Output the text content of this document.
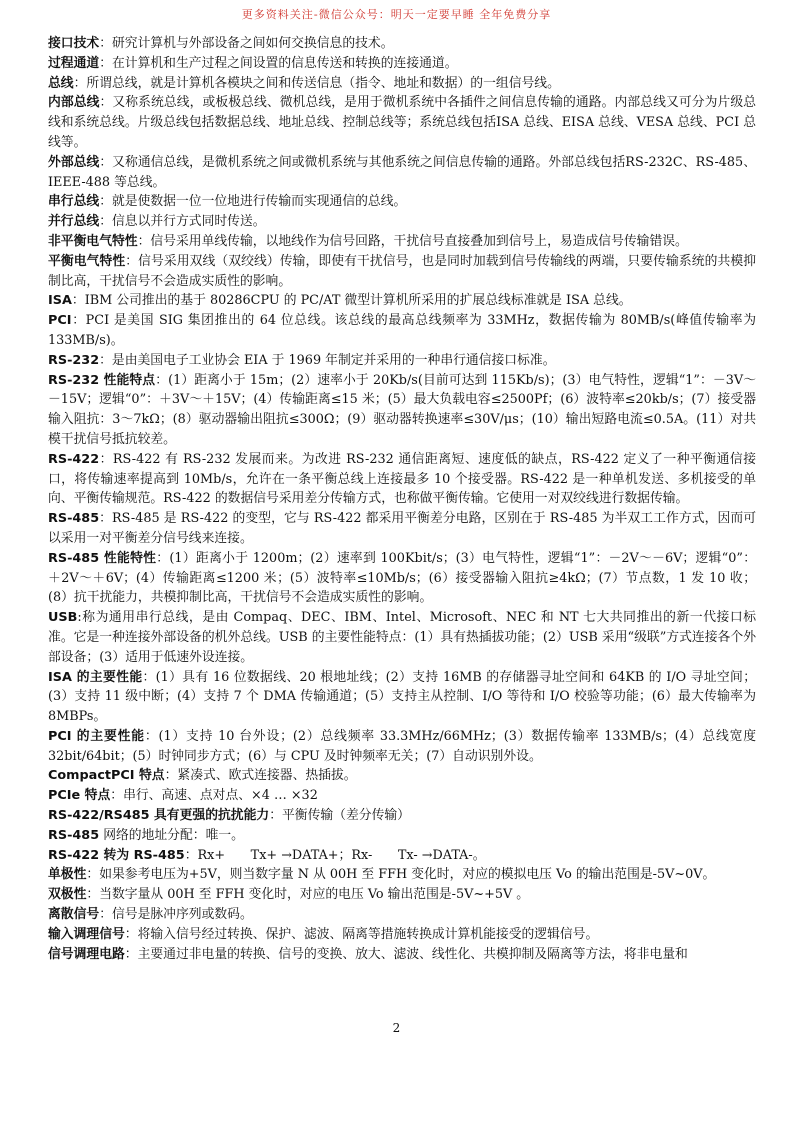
更多资料关注-微信公众号：明天一定要早睡 全年免费分享

接口技术：研究计算机与外部设备之间如何交换信息的技术。

过程通道：在计算机和生产过程之间设置的信息传送和转换的连接通道。

总线：所谓总线，就是计算机各模块之间和传送信息（指令、地址和数据）的一组信号线。

内部总线：又称系统总线，或板极总线、微机总线，是用于微机系统中各插件之间信息传输的通路。内部总线又可分为片级总线和系统总线。片级总线包括数据总线、地址总线、控制总线等；系统总线包括ISA 总线、EISA 总线、VESA 总线、PCI 总线等。

外部总线：又称通信总线，是微机系统之间或微机系统与其他系统之间信息传输的通路。外部总线包括RS-232C、RS-485、IEEE-488 等总线。

串行总线：就是使数据一位一位地进行传输而实现通信的总线。

并行总线：信息以并行方式同时传送。

非平衡电气特性：信号采用单线传输，以地线作为信号回路，干扰信号直接叠加到信号上，易造成信号传输错误。

平衡电气特性：信号采用双线（双绞线）传输，即使有干扰信号，也是同时加载到信号传输线的两端，只要传输系统的共模抑制比高，干扰信号不会造成实质性的影响。

ISA：IBM 公司推出的基于 80286CPU 的 PC/AT 微型计算机所采用的扩展总线标准就是 ISA 总线。

PCI：PCI 是美国 SIG 集团推出的 64 位总线。该总线的最高总线频率为 33MHz，数据传输为 80MB/s(峰值传输率为 133MB/s)。

RS-232：是由美国电子工业协会 EIA 于 1969 年制定并采用的一种串行通信接口标准。

RS-232 性能特点：(1）距离小于 15m；(2）速率小于 20Kb/s(目前可达到 115Kb/s)；(3）电气特性，逻辑“1”：－3V～－15V；逻辑“0”：＋3V～＋15V；(4）传输距离≤15 米；(5）最大负载电容≤2500Pf；(6）波特率≤20kb/s；(7）接受器输入阻抗：3～7kΩ；(8）驱动器输出阻抗≤300Ω；(9）驱动器转换速率≤30V/μs；(10）输出短路电流≤0.5A。(11）对共模干扰信号抵抗较差。

RS-422：RS-422 有 RS-232 发展而来。为改进 RS-232 通信距离短、速度低的缺点，RS-422 定义了一种平衡通信接口，将传输速率提高到 10Mb/s，允许在一条平衡总线上连接最多 10 个接受器。RS-422 是一种单机发送、多机接受的单向、平衡传输规范。RS-422 的数据信号采用差分传输方式，也称做平衡传输。它使用一对双绞线进行数据传输。

RS-485：RS-485 是 RS-422 的变型，它与 RS-422 都采用平衡差分电路，区别在于 RS-485 为半双工工作方式，因而可以采用一对平衡差分信号线来连接。

RS-485 性能特性：(1）距离小于 1200m；(2）速率到 100Kbit/s；(3）电气特性，逻辑“1”：－2V～－6V；逻辑“0”：＋2V～＋6V；(4）传输距离≤1200 米；(5）波特率≤10Mb/s；(6）接受器输入阻抗≥4kΩ；(7）节点数，1 发 10 收；(8）抗干扰能力，共模抑制比高，干扰信号不会造成实质性的影响。

USB:称为通用串行总线，是由 Compaq、DEC、IBM、Intel、Microsoft、NEC 和 NT 七大共同推出的新一代接口标准。它是一种连接外部设备的机外总线。USB 的主要性能特点：(1）具有热插拔功能；(2）USB 采用“级联”方式连接各个外部设备；(3）适用于低速外设连接。

ISA 的主要性能：(1）具有 16 位数据线、20 根地址线；(2）支持 16MB 的存储器寻址空间和 64KB 的 I/O 寻址空间；(3）支持 11 级中断；(4）支持 7 个 DMA 传输通道；(5）支持主从控制、I/O 等待和 I/O 校验等功能；(6）最大传输率为 8MBPs。

PCI 的主要性能：(1）支持 10 台外设；(2）总线频率 33.3MHz/66MHz；(3）数据传输率 133MB/s；(4）总线宽度 32bit/64bit；(5）时钟同步方式；(6）与 CPU 及时钟频率无关；(7）自动识别外设。

CompactPCI 特点：紧凑式、欧式连接器、热插拔。

PCIe 特点：串行、高速、点对点、×4 … ×32

RS-422/RS485 具有更强的抗扰能力：平衡传输（差分传输）

RS-485 网络的地址分配：唯一。

RS-422 转为 RS-485：Rx+　　Tx+ →DATA+；Rx-　　Tx- →DATA-。

单极性：如果参考电压为+5V，则当数字量 N 从 00H 至 FFH 变化时，对应的模拟电压 Vo 的输出范围是-5V~0V。

双极性：当数字量从 00H 至 FFH 变化时，对应的电压 Vo 输出范围是-5V~+5V 。

离散信号：信号是脉冲序列或数码。

输入调理信号：将输入信号经过转换、保护、滤波、隔离等措施转换成计算机能接受的逻辑信号。

信号调理电路：主要通过非电量的转换、信号的变换、放大、滤波、线性化、共模抑制及隔离等方法，将非电量和

2
